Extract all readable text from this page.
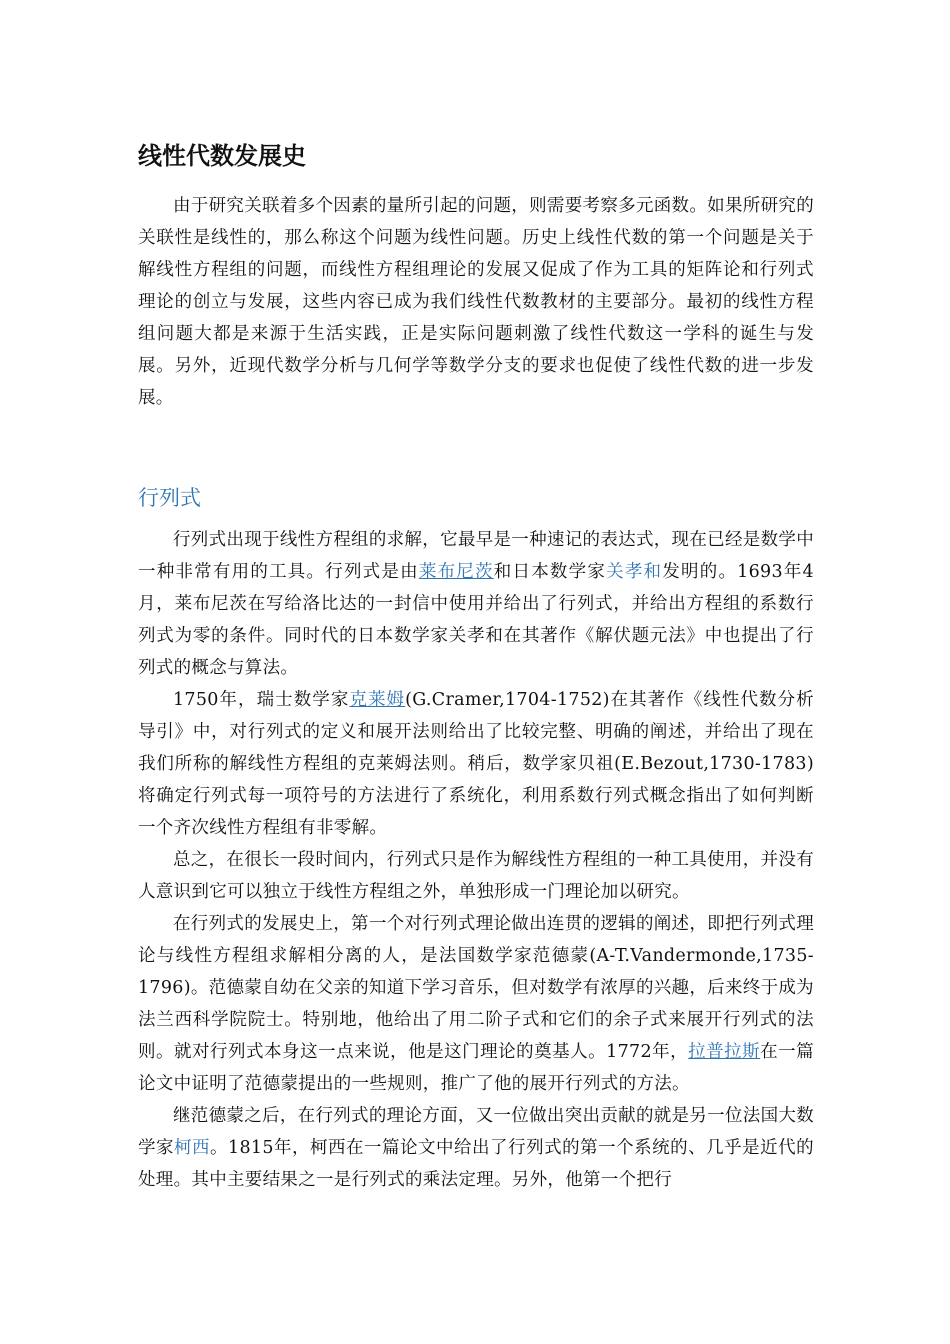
线性代数发展史

由于研究关联着多个因素的量所引起的问题，则需要考察多元函数。如果所研究的关联性是线性的，那么称这个问题为线性问题。历史上线性代数的第一个问题是关于解线性方程组的问题，而线性方程组理论的发展又促成了作为工具的矩阵论和行列式理论的创立与发展，这些内容已成为我们线性代数教材的主要部分。最初的线性方程组问题大都是来源于生活实践，正是实际问题刺激了线性代数这一学科的诞生与发展。另外，近现代数学分析与几何学等数学分支的要求也促使了线性代数的进一步发展。

行列式

行列式出现于线性方程组的求解，它最早是一种速记的表达式，现在已经是数学中一种非常有用的工具。行列式是由莱布尼茨和日本数学家关孝和发明的。1693年4月，莱布尼茨在写给洛比达的一封信中使用并给出了行列式，并给出方程组的系数行列式为零的条件。同时代的日本数学家关孝和在其著作《解伏题元法》中也提出了行列式的概念与算法。

1750年，瑞士数学家克莱姆(G.Cramer,1704-1752)在其著作《线性代数分析导引》中，对行列式的定义和展开法则给出了比较完整、明确的阐述，并给出了现在我们所称的解线性方程组的克莱姆法则。稍后，数学家贝祖(E.Bezout,1730-1783)将确定行列式每一项符号的方法进行了系统化，利用系数行列式概念指出了如何判断一个齐次线性方程组有非零解。

总之，在很长一段时间内，行列式只是作为解线性方程组的一种工具使用，并没有人意识到它可以独立于线性方程组之外，单独形成一门理论加以研究。

在行列式的发展史上，第一个对行列式理论做出连贯的逻辑的阐述，即把行列式理论与线性方程组求解相分离的人，是法国数学家范德蒙(A-T.Vandermonde,1735-1796)。范德蒙自幼在父亲的知道下学习音乐，但对数学有浓厚的兴趣，后来终于成为法兰西科学院院士。特别地，他给出了用二阶子式和它们的余子式来展开行列式的法则。就对行列式本身这一点来说，他是这门理论的奠基人。1772年，拉普拉斯在一篇论文中证明了范德蒙提出的一些规则，推广了他的展开行列式的方法。

继范德蒙之后，在行列式的理论方面，又一位做出突出贡献的就是另一位法国大数学家柯西。1815年，柯西在一篇论文中给出了行列式的第一个系统的、几乎是近代的处理。其中主要结果之一是行列式的乘法定理。另外，他第一个把行
